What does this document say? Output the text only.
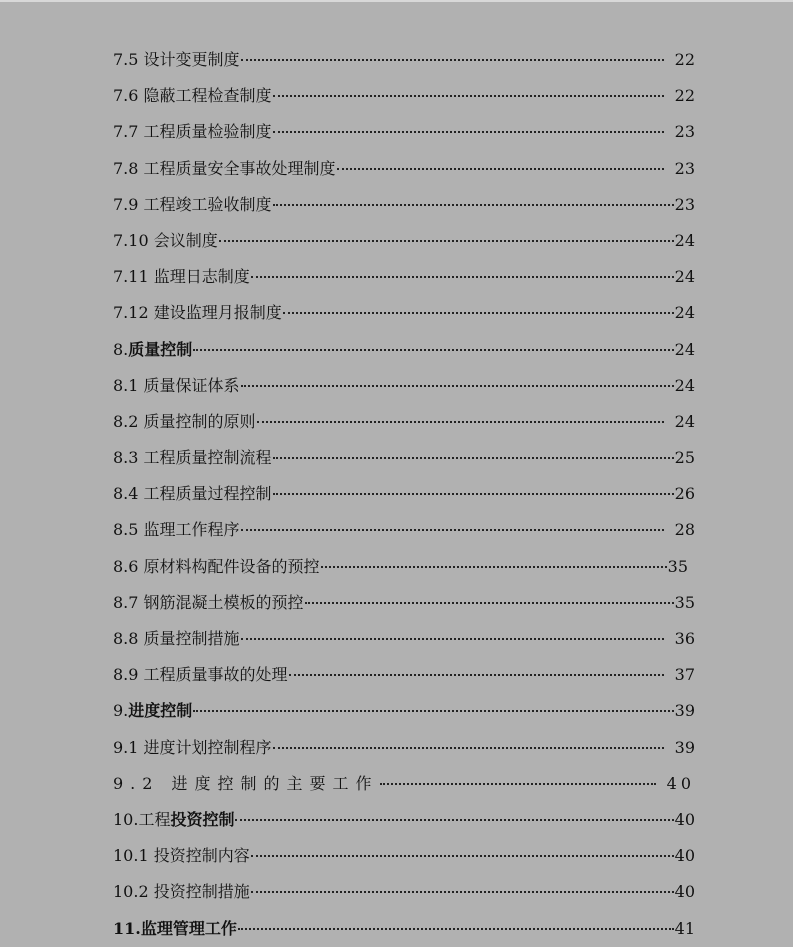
7.5 设计变更制度	22
7.6 隐蔽工程检查制度	22
7.7 工程质量检验制度	23
7.8 工程质量安全事故处理制度	23
7.9 工程竣工验收制度	23
7.10 会议制度	24
7.11 监理日志制度	24
7.12 建设监理月报制度	24
8.质量控制	24
8.1 质量保证体系	24
8.2 质量控制的原则	24
8.3 工程质量控制流程	25
8.4 工程质量过程控制	26
8.5 监理工作程序	28
8.6 原材料构配件设备的预控	35
8.7 钢筋混凝土模板的预控	35
8.8 质量控制措施	36
8.9 工程质量事故的处理	37
9.进度控制	39
9.1 进度计划控制程序	39
9.2 进度控制的主要工作	40
10.工程投资控制	40
10.1 投资控制内容	40
10.2 投资控制措施	40
11.监理管理工作	41
